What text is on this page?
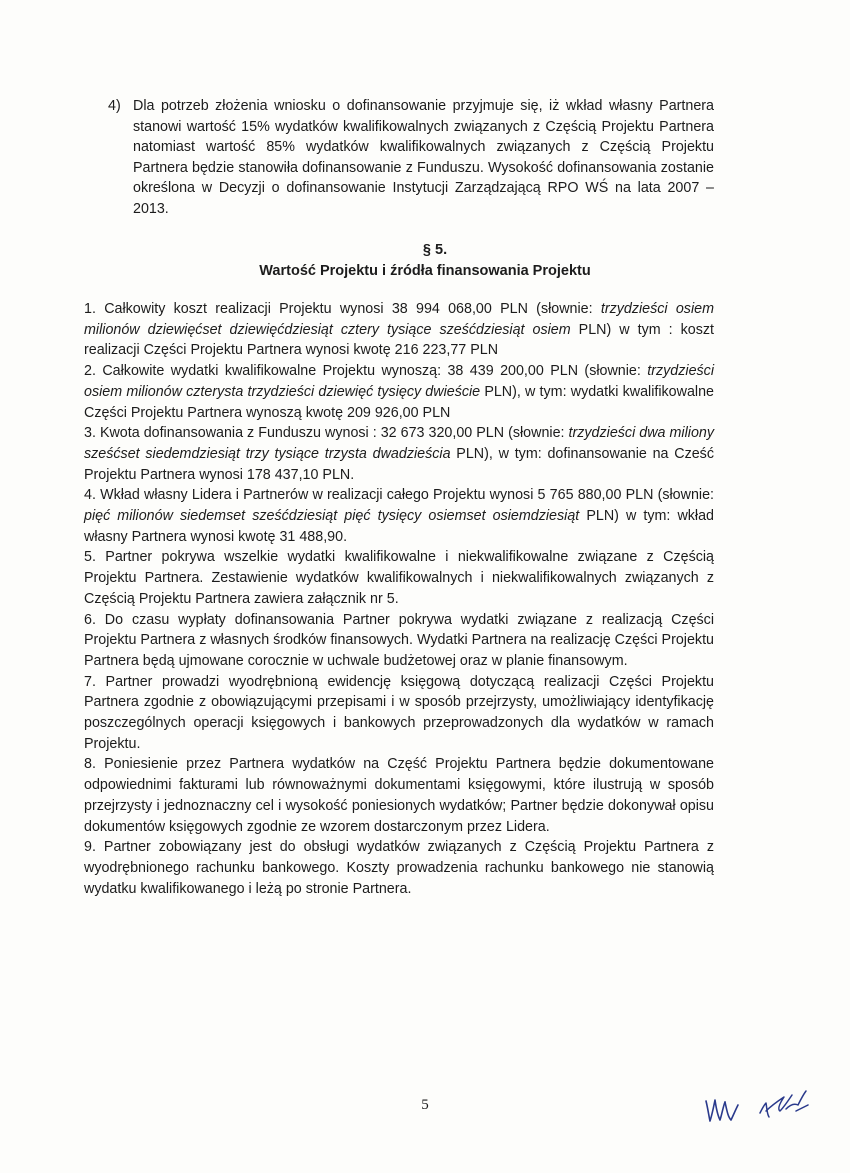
4) Dla potrzeb złożenia wniosku o dofinansowanie przyjmuje się, iż wkład własny Partnera stanowi wartość 15% wydatków kwalifikowalnych związanych z Częścią Projektu Partnera natomiast wartość 85% wydatków kwalifikowalnych związanych z Częścią Projektu Partnera będzie stanowiła dofinansowanie z Funduszu. Wysokość dofinansowania zostanie określona w Decyzji o dofinansowanie Instytucji Zarządzającą RPO WŚ na lata 2007 – 2013.
§ 5.
Wartość Projektu i źródła finansowania Projektu

1. Całkowity koszt realizacji Projektu wynosi 38 994 068,00 PLN (słownie: trzydzieści osiem milionów dziewięćset dziewięćdziesiąt cztery tysiące sześćdziesiąt osiem PLN) w tym : koszt realizacji Części Projektu Partnera wynosi kwotę 216 223,77 PLN

2. Całkowite wydatki kwalifikowalne Projektu wynoszą: 38 439 200,00 PLN (słownie: trzydzieści osiem milionów czterysta trzydzieści dziewięć tysięcy dwieście PLN), w tym: wydatki kwalifikowalne Części Projektu Partnera wynoszą kwotę 209 926,00 PLN

3. Kwota dofinansowania z Funduszu wynosi : 32 673 320,00 PLN (słownie: trzydzieści dwa miliony sześćset siedemdziesiąt trzy tysiące trzysta dwadzieścia PLN), w tym: dofinansowanie na Cześć Projektu Partnera wynosi 178 437,10 PLN.

4. Wkład własny Lidera i Partnerów w realizacji całego Projektu wynosi 5 765 880,00 PLN (słownie: pięć milionów siedemset sześćdziesiąt pięć tysięcy osiemset osiemdziesiąt PLN) w tym: wkład własny Partnera wynosi kwotę 31 488,90.

5. Partner pokrywa wszelkie wydatki kwalifikowalne i niekwalifikowalne związane z Częścią Projektu Partnera. Zestawienie wydatków kwalifikowalnych i niekwalifikowalnych związanych z Częścią Projektu Partnera zawiera załącznik nr 5.

6. Do czasu wypłaty dofinansowania Partner pokrywa wydatki związane z realizacją Części Projektu Partnera z własnych środków finansowych. Wydatki Partnera na realizację Części Projektu Partnera będą ujmowane corocznie w uchwale budżetowej oraz w planie finansowym.

7. Partner prowadzi wyodrębnioną ewidencję księgową dotyczącą realizacji Części Projektu Partnera zgodnie z obowiązującymi przepisami i w sposób przejrzysty, umożliwiający identyfikację poszczególnych operacji księgowych i bankowych przeprowadzonych dla wydatków w ramach Projektu.

8. Poniesienie przez Partnera wydatków na Część Projektu Partnera będzie dokumentowane odpowiednimi fakturami lub równoważnymi dokumentami księgowymi, które ilustrują w sposób przejrzysty i jednoznaczny cel i wysokość poniesionych wydatków; Partner będzie dokonywał opisu dokumentów księgowych zgodnie ze wzorem dostarczonym przez Lidera.

9. Partner zobowiązany jest do obsługi wydatków związanych z Częścią Projektu Partnera z wyodrębnionego rachunku bankowego. Koszty prowadzenia rachunku bankowego nie stanowią wydatku kwalifikowanego i leżą po stronie Partnera.

5
